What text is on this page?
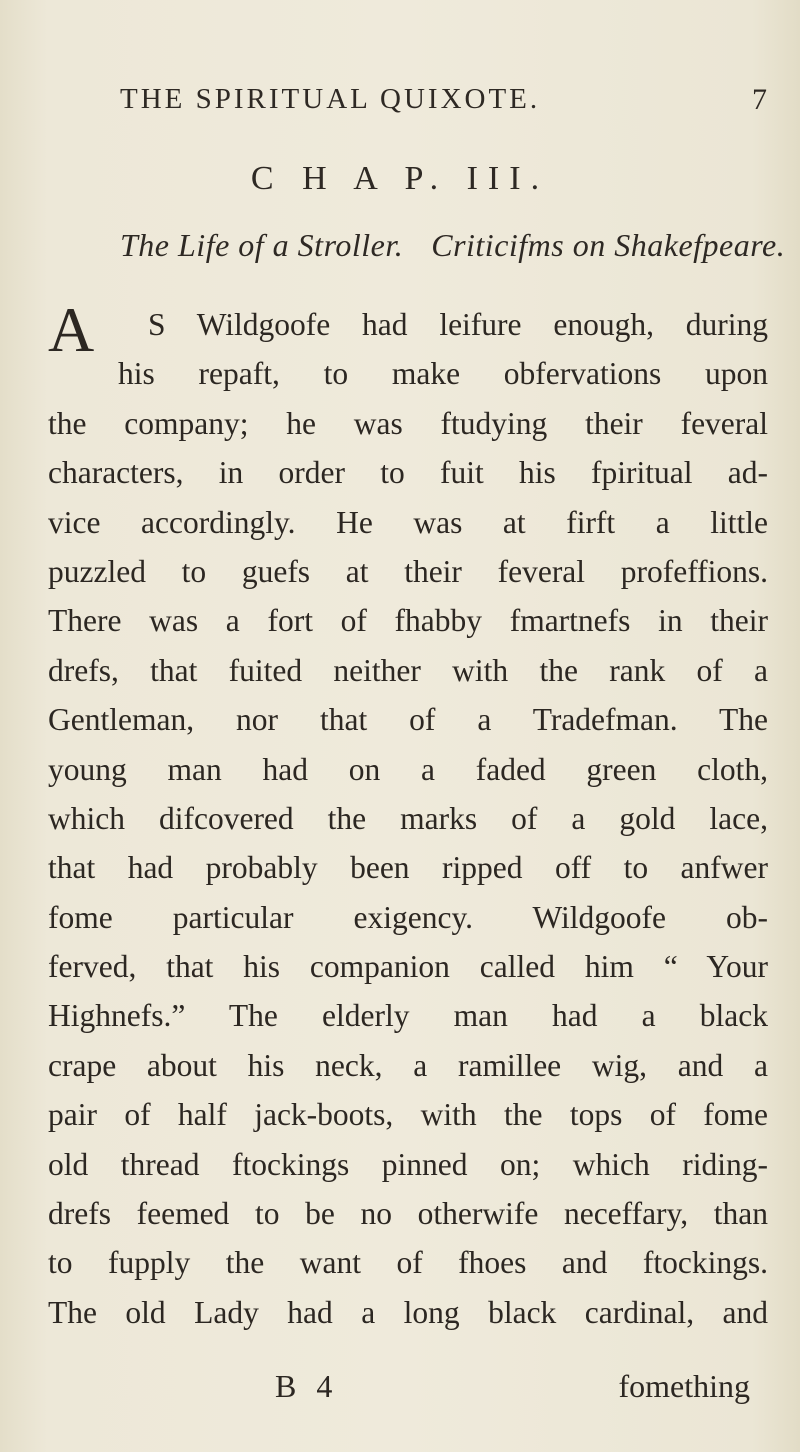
THE SPIRITUAL QUIXOTE.	7
C H A P. III.
The Life of a Stroller. Criticifms on Shakefpeare.
A	S Wildgoofe had leifure enough, during
his repaft, to make obfervations upon
the company; he was ftudying their feveral
characters, in order to fuit his fpiritual ad-
vice accordingly. He was at firft a little
puzzled to guefs at their feveral profeffions.
There was a fort of fhabby fmartnefs in their
drefs, that fuited neither with the rank of a
Gentleman, nor that of a Tradefman. The
young man had on a faded green cloth,
which difcovered the marks of a gold lace,
that had probably been ripped off to anfwer
fome particular exigency. Wildgoofe ob-
ferved, that his companion called him “ Your
Highnefs.” The elderly man had a black
crape about his neck, a ramillee wig, and a
pair of half jack-boots, with the tops of fome
old thread ftockings pinned on; which riding-
drefs feemed to be no otherwife neceffary, than
to fupply the want of fhoes and ftockings.
The old Lady had a long black cardinal, and
B 4	fomething
